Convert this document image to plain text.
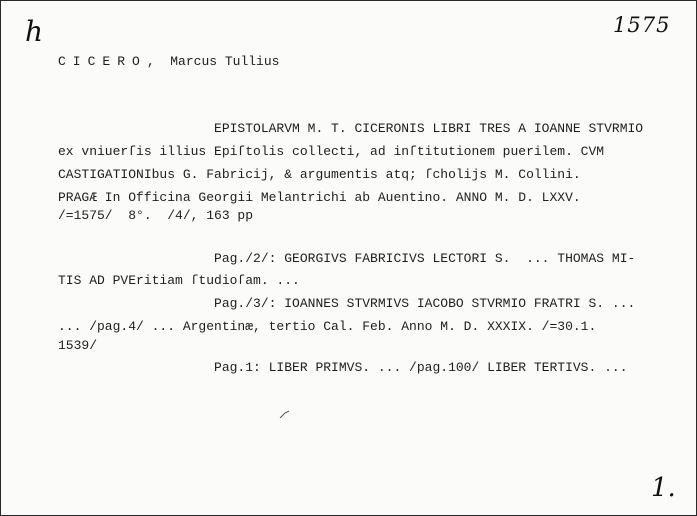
h	1575
1.
CICERO, Marcus Tullius
EPISTOLARVM M. T. CICERONIS LIBRI TRES A IOANNE STVRMIO
ex vniuerſis illius Epiſtolis collecti, ad inſtitutionem puerilem. CVM
CASTIGATIONIbus G. Fabricij, & argumentis atq; ſcholijs M. Collini.
PRAGÆ In Officina Georgii Melantrichi ab Auentino. ANNO M. D. LXXV.
/=1575/  8°.  /4/, 163 pp
Pag./2/: GEORGIVS FABRICIVS LECTORI S.  ... THOMAS MI-
TIS AD PVEritiam ſtudioſam. ...
Pag./3/: IOANNES STVRMIVS IACOBO STVRMIO FRATRI S. ...
... /pag.4/ ... Argentinæ, tertio Cal. Feb. Anno M. D. XXXIX. /=30.1.
1539/
Pag.1: LIBER PRIMVS. ... /pag.100/ LIBER TERTIVS. ...
